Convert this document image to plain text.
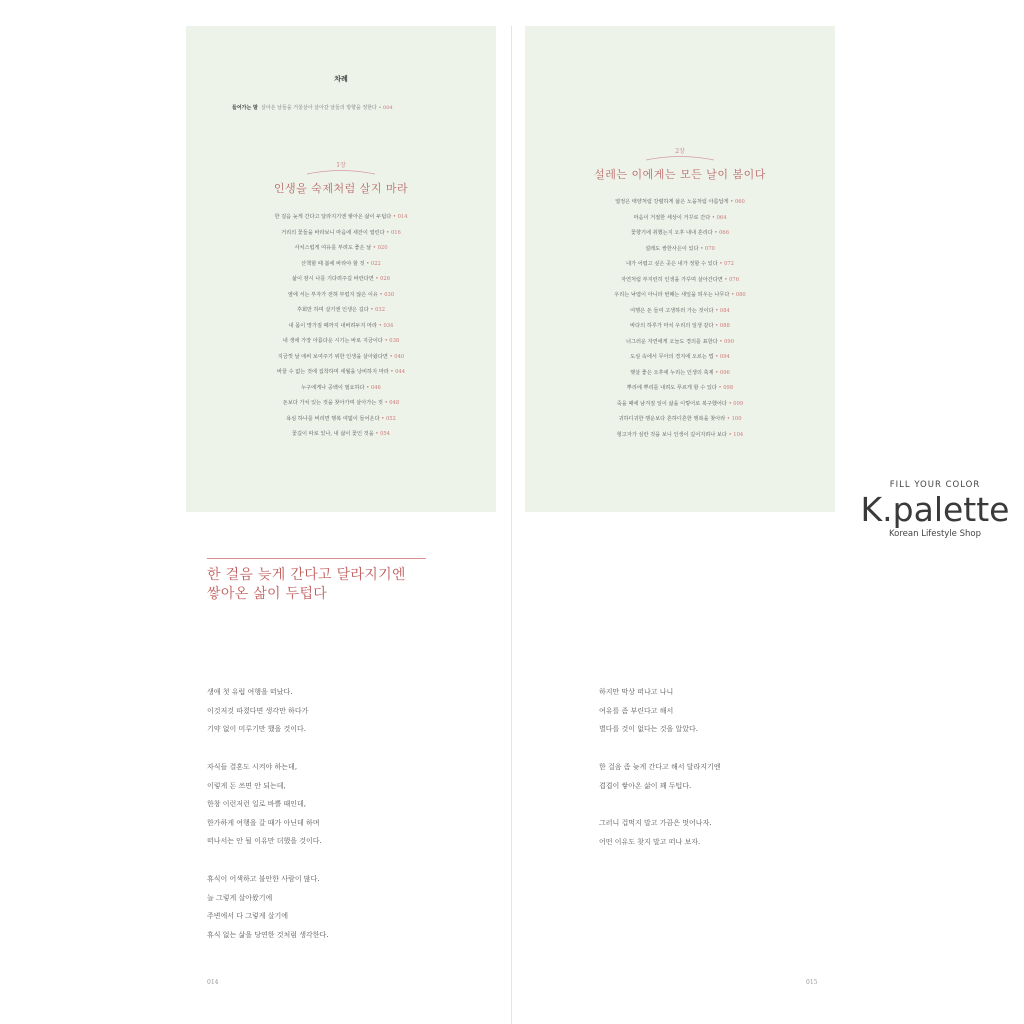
차례
들어가는 말 살아온 날들을 거울삼아 살아갈 날들의 방향을 정한다 • 004
1장
인생을 숙제처럼 살지 마라
한 걸음 늦게 간다고 달라지기엔 쌓아온 삶이 두텁다 • 014
거리의 꽃들을 바라보니 마음에 새잔이 열린다 • 016
사치스럽게 여유를 부려도 좋은 날 • 020
산책할 때 봄에 바라야 할 것 • 022
삶이 잠시 나를 기다려주길 바란다면 • 026
옆에 서는 부자가 전혀 부럽지 않은 이유 • 030
후회만 하며 살기엔 인생은 길다 • 032
내 몸이 망가질 때까지 내버려두지 마라 • 034
내 생애 가장 아름다운 시기는 바로 지금이다 • 038
지금껏 날 애써 보여주기 위한 인생을 살아왔다면 • 040
바꿀 수 없는 것에 집착하며 세월을 낭비하지 마라 • 044
누구에게나 공백이 필요하다 • 046
돈보다 가치 있는 것을 찾아가며 살아가는 것 • 048
욕심 하나를 버리면 행복 여덟이 들어온다 • 052
꽃길이 따로 있나, 내 삶이 꽃인 것을 • 054
2장
설레는 이에게는 모든 날이 봄이다
열정은 태양처럼 강렬하게 삶은 노을처럼 아름답게 • 060
마음이 거절한 세상이 거꾸로 간다 • 064
꽃향기에 취했는지 오후 내내 흔리다 • 066
설레도 쌍한사은이 있다 • 070
내가 어렵고 싶은 곳은 내가 정할 수 있다 • 072
자연처럼 부지런히 인생을 가꾸며 살아간다면 • 076
우리는 낙엽이 아니라 번째는 새잎을 띄우는 나무다 • 080
여행은 돈 들여 고생하러 가는 것이다 • 084
바다의 하루가 마치 우리의 일생 같다 • 088
너그러운 자연에게 오늘도 경의를 표한다 • 090
도심 속에서 무아의 경지에 오르는 법 • 094
햇살 좋은 오후에 누리는 인생의 축제 • 096
뿌리에 뿌리를 내려도 푸르게 할 수 있다 • 098
죽을 때에 남겨질 일이 삶을 이렇어로 복구했어다 • 099
귀하디귀한 행운보다 흔하디흔한 행복을 찾아라 • 100
헝고자가 심란 것을 보니 인생이 길어지려나 보다 • 104
FILL YOUR COLOR
K.palette
Korean Lifestyle Shop
한 걸음 늦게 간다고 달라지기엔
쌓아온 삶이 두텁다
생애 첫 유럽 여행을 떠났다.
이것저것 따졌다면 생각만 하다가
기약 없이 미루기만 했을 것이다.
자식들 결혼도 시켜야 하는데,
이렇게 돈 쓰면 안 되는데,
한창 이런저런 일로 바쁠 때인데,
한가하게 여행을 갈 때가 아닌데 하며
떠나서는 안 될 이유만 더했을 것이다.
휴식이 어색하고 불안한 사람이 많다.
늘 그렇게 살아왔기에
주변에서 다 그렇게 살기에
휴식 없는 삶을 당연한 것처럼 생각한다.
014
하지만 막상 떠나고 나니
여유를 좀 부린다고 해서
별다를 것이 없다는 것을 알았다.
한 걸음 좀 늦게 간다고 해서 달라지기엔
겹겹이 쌓아온 삶이 꽤 두텁다.
그러니 겁먹지 말고 가끔은 멋어나자.
어떤 이유도 찾지 말고 떠나 보자.
015
